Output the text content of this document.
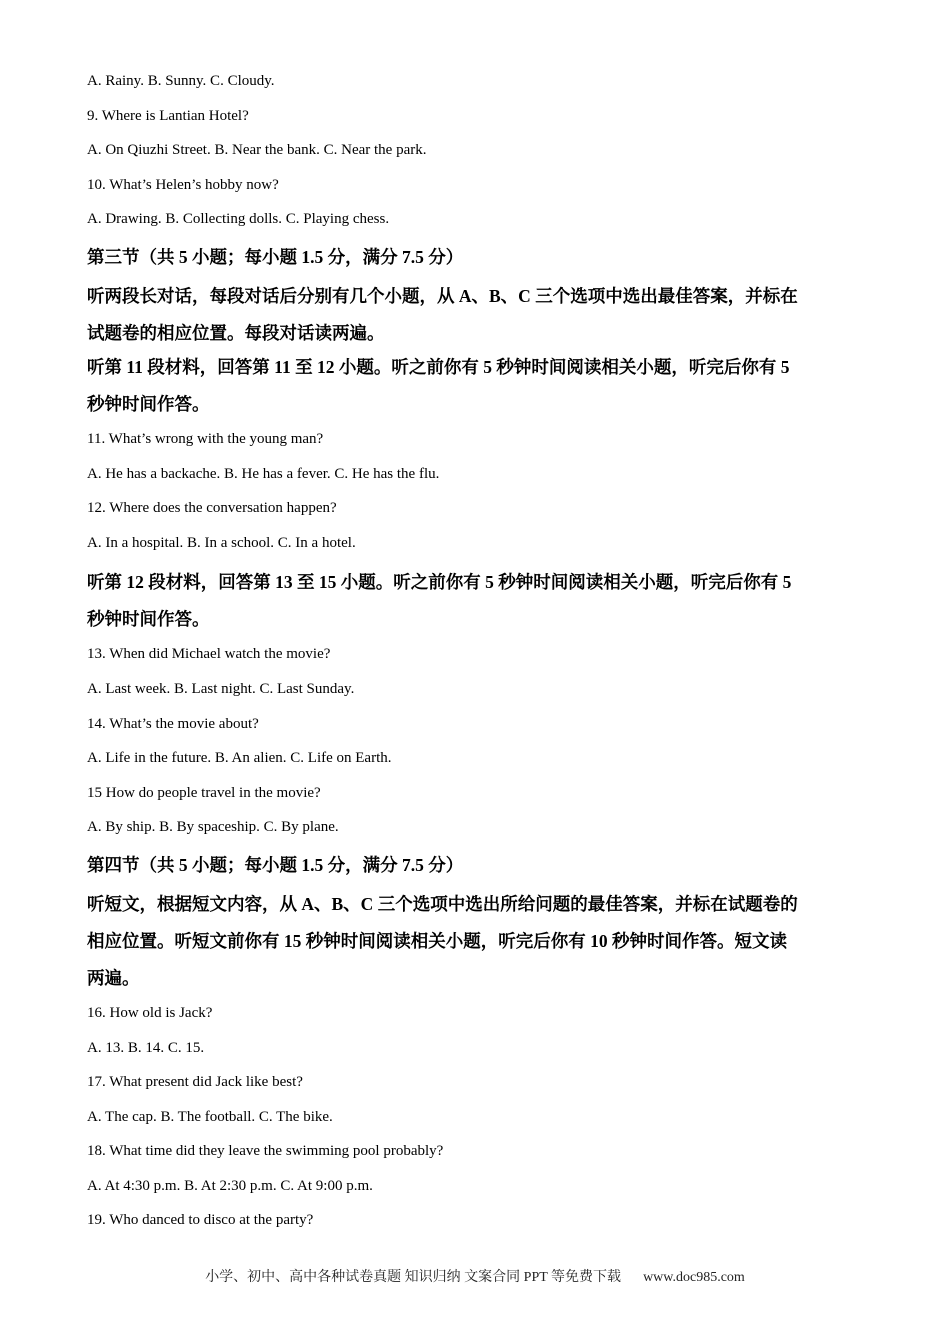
A. Rainy. B. Sunny. C. Cloudy.
9. Where is Lantian Hotel?
A. On Qiuzhi Street. B. Near the bank. C. Near the park.
10. What’s Helen’s hobby now?
A. Drawing. B. Collecting dolls. C. Playing chess.
第三节（共 5 小题；每小题 1.5 分，满分 7.5 分）
听两段长对话，每段对话后分别有几个小题，从 A、B、C 三个选项中选出最佳答案，并标在
试题卷的相应位置。每段对话读两遍。
听第 11 段材料，回答第 11 至 12 小题。听之前你有 5 秒钟时间阅读相关小题，听完后你有 5
秒钟时间作答。
11. What’s wrong with the young man?
A. He has a backache. B. He has a fever. C. He has the flu.
12. Where does the conversation happen?
A. In a hospital. B. In a school. C. In a hotel.
听第 12 段材料，回答第 13 至 15 小题。听之前你有 5 秒钟时间阅读相关小题，听完后你有 5
秒钟时间作答。
13. When did Michael watch the movie?
A. Last week. B. Last night. C. Last Sunday.
14. What’s the movie about?
A. Life in the future. B. An alien. C. Life on Earth.
15 How do people travel in the movie?
A. By ship. B. By spaceship. C. By plane.
第四节（共 5 小题；每小题 1.5 分，满分 7.5 分）
听短文，根据短文内容，从 A、B、C 三个选项中选出所给问题的最佳答案，并标在试题卷的
相应位置。听短文前你有 15 秒钟时间阅读相关小题，听完后你有 10 秒钟时间作答。短文读
两遍。
16. How old is Jack?
A. 13. B. 14. C. 15.
17. What present did Jack like best?
A. The cap. B. The football. C. The bike.
18. What time did they leave the swimming pool probably?
A. At 4:30 p.m. B. At 2:30 p.m. C. At 9:00 p.m.
19. Who danced to disco at the party?
小学、初中、高中各种试卷真题 知识归纳 文案合同 PPT 等免费下载 www.doc985.com
